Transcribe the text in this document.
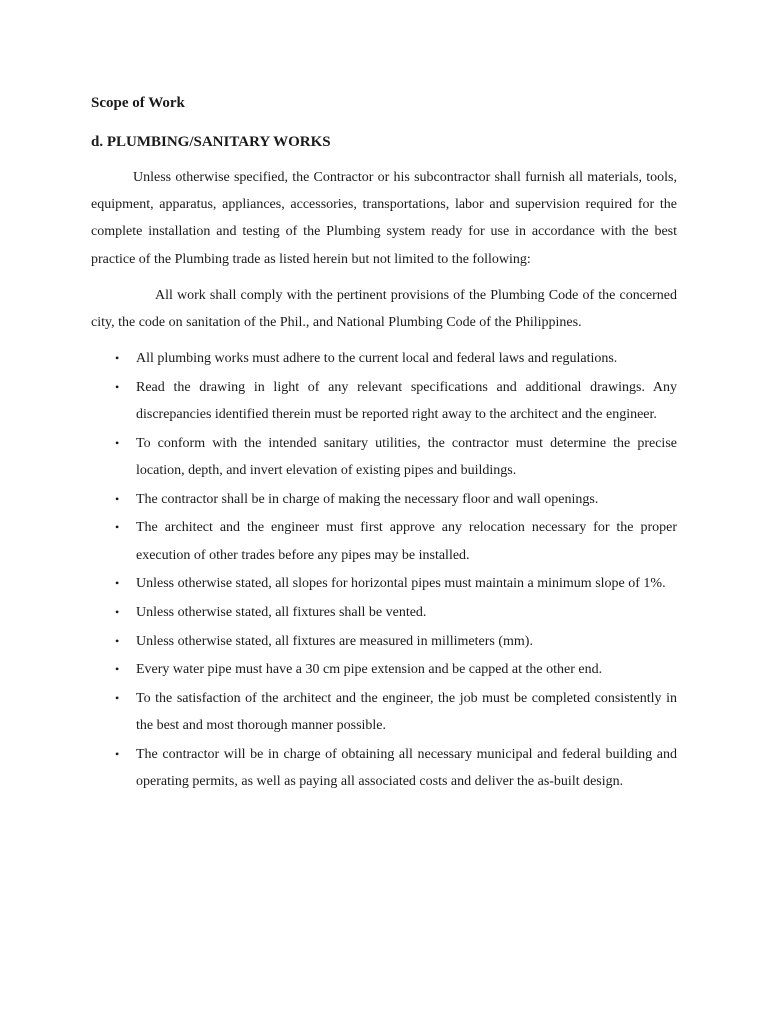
Scope of Work

d. PLUMBING/SANITARY WORKS

Unless otherwise specified, the Contractor or his subcontractor shall furnish all materials, tools, equipment, apparatus, appliances, accessories, transportations, labor and supervision required for the complete installation and testing of the Plumbing system ready for use in accordance with the best practice of the Plumbing trade as listed herein but not limited to the following:

All work shall comply with the pertinent provisions of the Plumbing Code of the concerned city, the code on sanitation of the Phil., and National Plumbing Code of the Philippines.

• All plumbing works must adhere to the current local and federal laws and regulations.
• Read the drawing in light of any relevant specifications and additional drawings. Any discrepancies identified therein must be reported right away to the architect and the engineer.
• To conform with the intended sanitary utilities, the contractor must determine the precise location, depth, and invert elevation of existing pipes and buildings.
• The contractor shall be in charge of making the necessary floor and wall openings.
• The architect and the engineer must first approve any relocation necessary for the proper execution of other trades before any pipes may be installed.
• Unless otherwise stated, all slopes for horizontal pipes must maintain a minimum slope of 1%.
• Unless otherwise stated, all fixtures shall be vented.
• Unless otherwise stated, all fixtures are measured in millimeters (mm).
• Every water pipe must have a 30 cm pipe extension and be capped at the other end.
• To the satisfaction of the architect and the engineer, the job must be completed consistently in the best and most thorough manner possible.
• The contractor will be in charge of obtaining all necessary municipal and federal building and operating permits, as well as paying all associated costs and deliver the as-built design.
